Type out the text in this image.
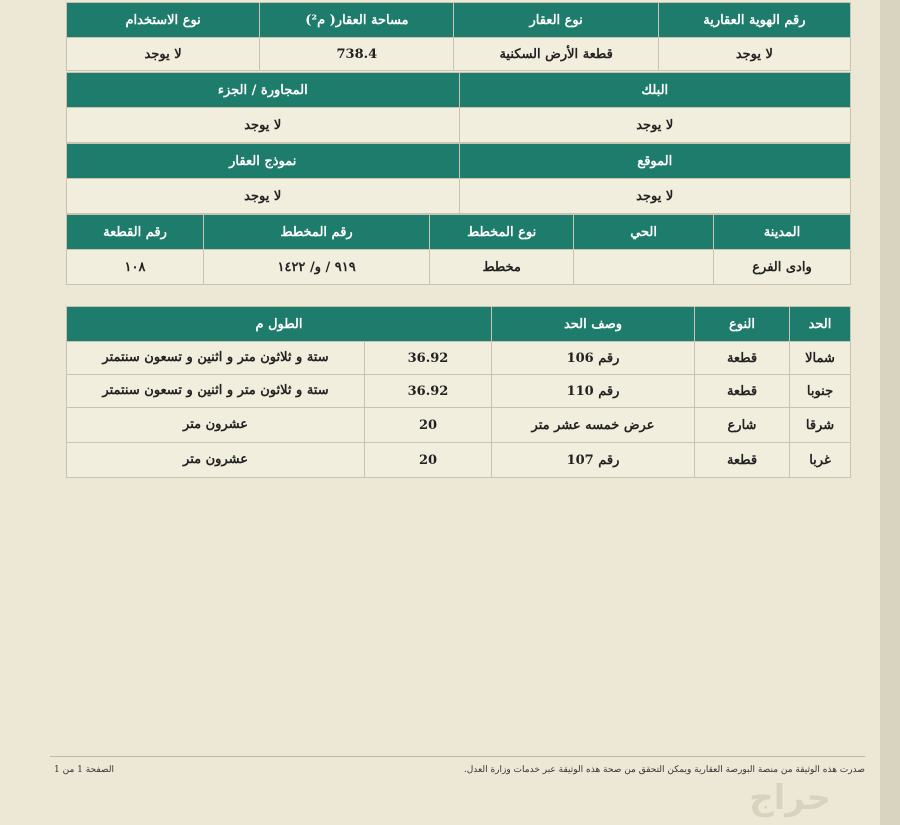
رقم الهوية العقارية	نوع العقار	مساحة العقار( م²)	نوع الاستخدام
لا يوجد	قطعة الأرض السكنية	738.4	لا يوجد
البلك	المجاورة / الجزء
لا يوجد	لا يوجد
الموقع	نموذج العقار
لا يوجد	لا يوجد
المدينة	الحي	نوع المخطط	رقم المخطط	رقم القطعة
وادى الفرع		مخطط	٩١٩ / و/ ١٤٢٢	١٠٨
الحد	النوع	وصف الحد	الطول م	
شمالا	قطعة	رقم 106	36.92	ستة و ثلاثون متر و اثنين و تسعون سنتمتر
جنوبا	قطعة	رقم 110	36.92	ستة و ثلاثون متر و اثنين و تسعون سنتمتر
شرقا	شارع	عرض خمسه عشر متر	20	عشرون متر
غربا	قطعة	رقم 107	20	عشرون متر
صدرت هذه الوثيقة من منصة البورصة العقارية ويمكن التحقق من صحة هذه الوثيقة عبر خدمات وزارة العدل.
الصفحة 1 من 1
حراج
